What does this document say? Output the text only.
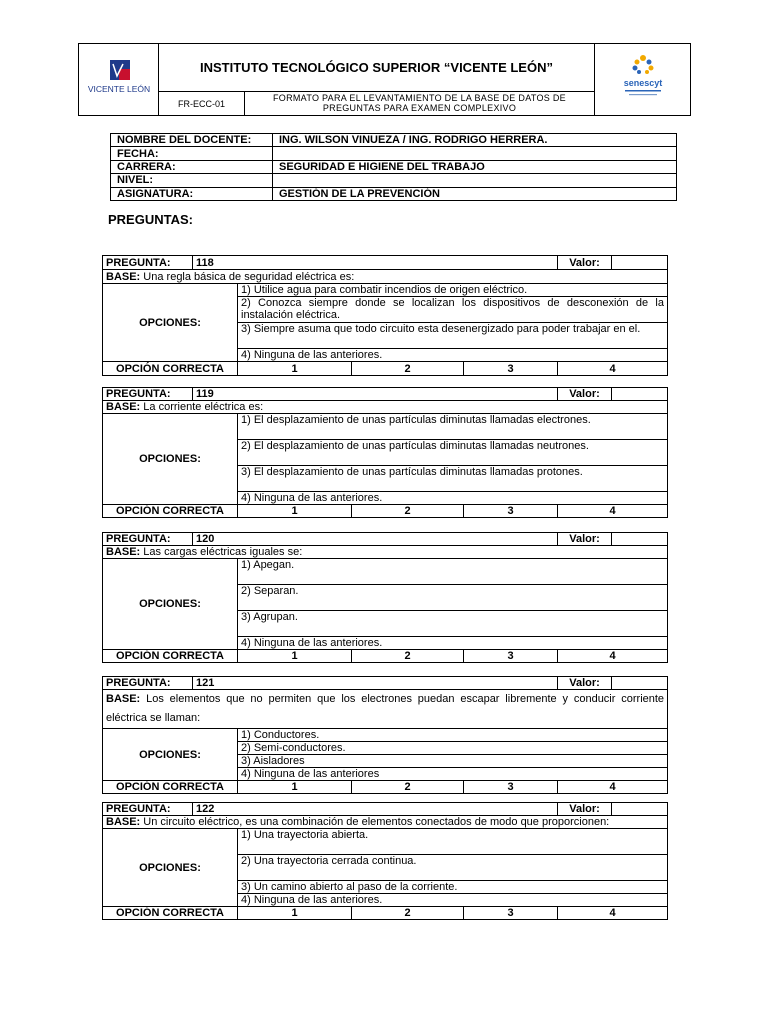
VICENTE LEÓN
INSTITUTO TECNOLÓGICO SUPERIOR “VICENTE LEÓN”
FR-ECC-01
FORMATO PARA EL LEVANTAMIENTO DE LA BASE DE DATOS DE PREGUNTAS PARA EXAMEN COMPLEXIVO
senescyt
NOMBRE DEL DOCENTE:	ING. WILSON VINUEZA / ING. RODRIGO HERRERA.
FECHA:	
CARRERA:	SEGURIDAD E HIGIENE DEL TRABAJO
NIVEL:	
ASIGNATURA:	GESTIÓN DE LA PREVENCIÓN
PREGUNTAS:
PREGUNTA:	118				Valor:	
BASE: Una regla básica de seguridad eléctrica es:						
OPCIONES:		1) Utilice agua para combatir incendios de origen eléctrico.				
		2) Conozca siempre donde se localizan los dispositivos de desconexión de la instalación eléctrica.				
		3) Siempre asuma que todo circuito esta desenergizado para poder trabajar en el.				
		4) Ninguna de las anteriores.				
OPCIÓN CORRECTA		1	2	3	4	
PREGUNTA:	119				Valor:	
BASE: La corriente eléctrica es:						
OPCIONES:		1) El desplazamiento de unas partículas diminutas llamadas electrones.				
		2) El desplazamiento de unas partículas diminutas llamadas neutrones.				
		3) El desplazamiento de unas partículas diminutas llamadas protones.				
		4) Ninguna de las anteriores.				
OPCIÓN CORRECTA		1	2	3	4	
PREGUNTA:	120				Valor:	
BASE: Las cargas eléctricas iguales se:						
OPCIONES:		1) Apegan.				
		2) Separan.				
		3) Agrupan.				
		4) Ninguna de las anteriores.				
OPCIÓN CORRECTA		1	2	3	4	
PREGUNTA:	121				Valor:	
BASE: Los elementos que no permiten que los electrones puedan escapar libremente y conducir corriente eléctrica se llaman:						
OPCIONES:		1) Conductores.				
		2) Semi-conductores.				
		3) Aisladores				
		4) Ninguna de las anteriores				
OPCIÓN CORRECTA		1	2	3	4	
PREGUNTA:	122				Valor:	
BASE: Un circuito eléctrico, es una combinación de elementos conectados de modo que proporcionen:						
OPCIONES:		1) Una trayectoria abierta.				
		2) Una trayectoria cerrada continua.				
		3) Un camino abierto al paso de la corriente.				
		4) Ninguna de las anteriores.				
OPCIÓN CORRECTA		1	2	3	4	
